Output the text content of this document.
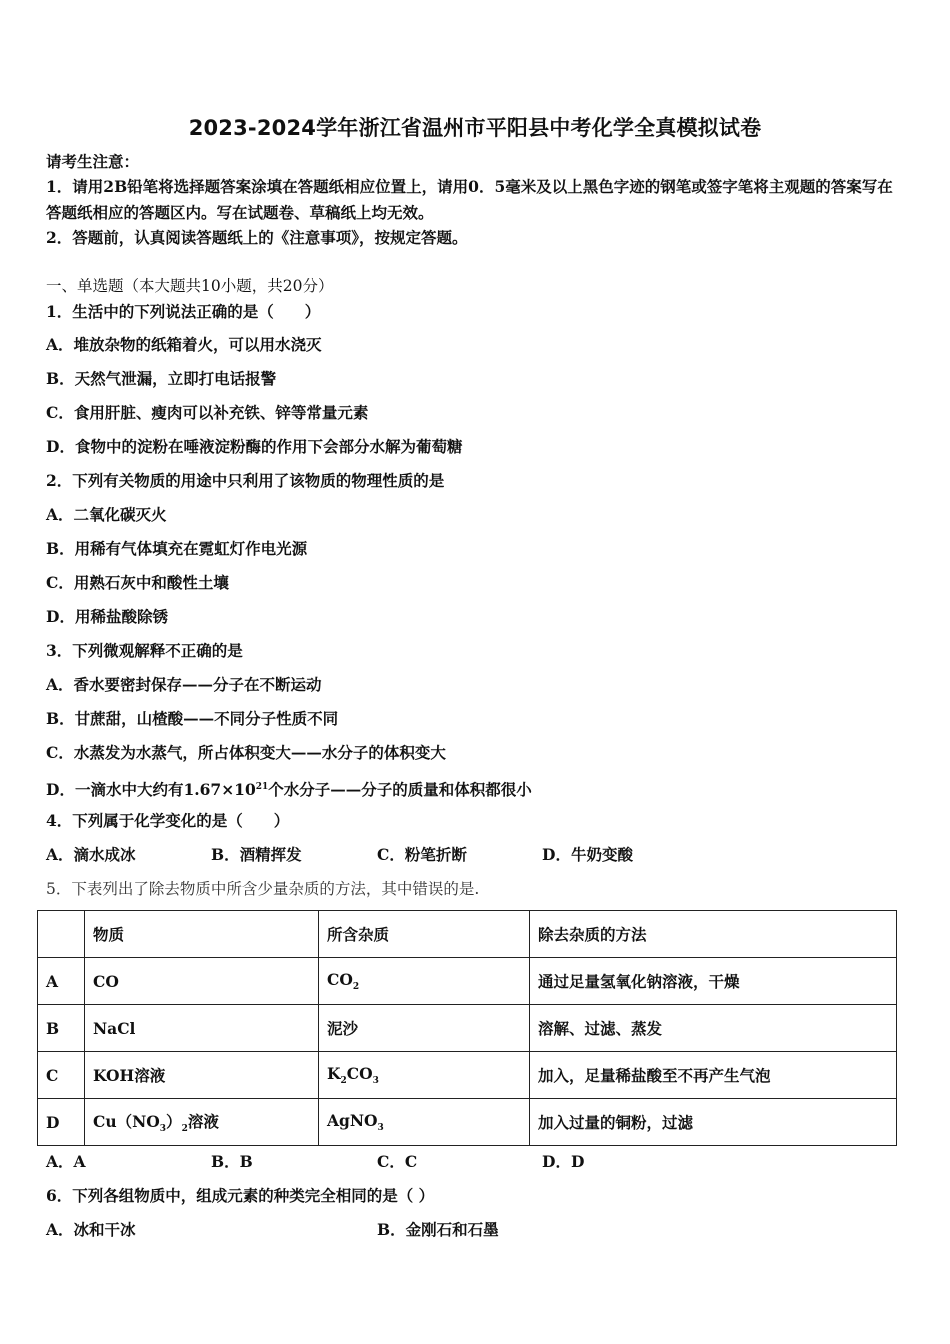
2023-2024学年浙江省温州市平阳县中考化学全真模拟试卷
请考生注意：
1．请用2B铅笔将选择题答案涂填在答题纸相应位置上，请用0．5毫米及以上黑色字迹的钢笔或签字笔将主观题的答案写在答题纸相应的答题区内。写在试题卷、草稿纸上均无效。
2．答题前，认真阅读答题纸上的《注意事项》，按规定答题。
一、单选题（本大题共10小题，共20分）
1．生活中的下列说法正确的是（　　）
A．堆放杂物的纸箱着火，可以用水浇灭
B．天然气泄漏，立即打电话报警
C．食用肝脏、瘦肉可以补充铁、锌等常量元素
D．食物中的淀粉在唾液淀粉酶的作用下会部分水解为葡萄糖
2．下列有关物质的用途中只利用了该物质的物理性质的是
A．二氧化碳灭火
B．用稀有气体填充在霓虹灯作电光源
C．用熟石灰中和酸性土壤
D．用稀盐酸除锈
3．下列微观解释不正确的是
A．香水要密封保存——分子在不断运动
B．甘蔗甜，山楂酸——不同分子性质不同
C．水蒸发为水蒸气，所占体积变大——水分子的体积变大
D．一滴水中大约有$1.67\times 10^{21}$个水分子——分子的质量和体积都很小
4．下列属于化学变化的是（　　）
A．滴水成冰	B．酒精挥发	C．粉笔折断	D．牛奶变酸
5．下表列出了除去物质中所含少量杂质的方法，其中错误的是.
	物质	所含杂质	除去杂质的方法
A	CO	$CO_2$	通过足量氢氧化钠溶液，干燥
B	NaCl	泥沙	溶解、过滤、蒸发
C	KOH溶液	$K_2CO_3$	加入，足量稀盐酸至不再产生气泡
D	$Cu(NO_3)_2$溶液	AgNO$_3$	加入过量的铜粉，过滤
A．A	B．B	C．C	D．D
6．下列各组物质中，组成元素的种类完全相同的是（ ）
A．冰和干冰	B．金刚石和石墨
